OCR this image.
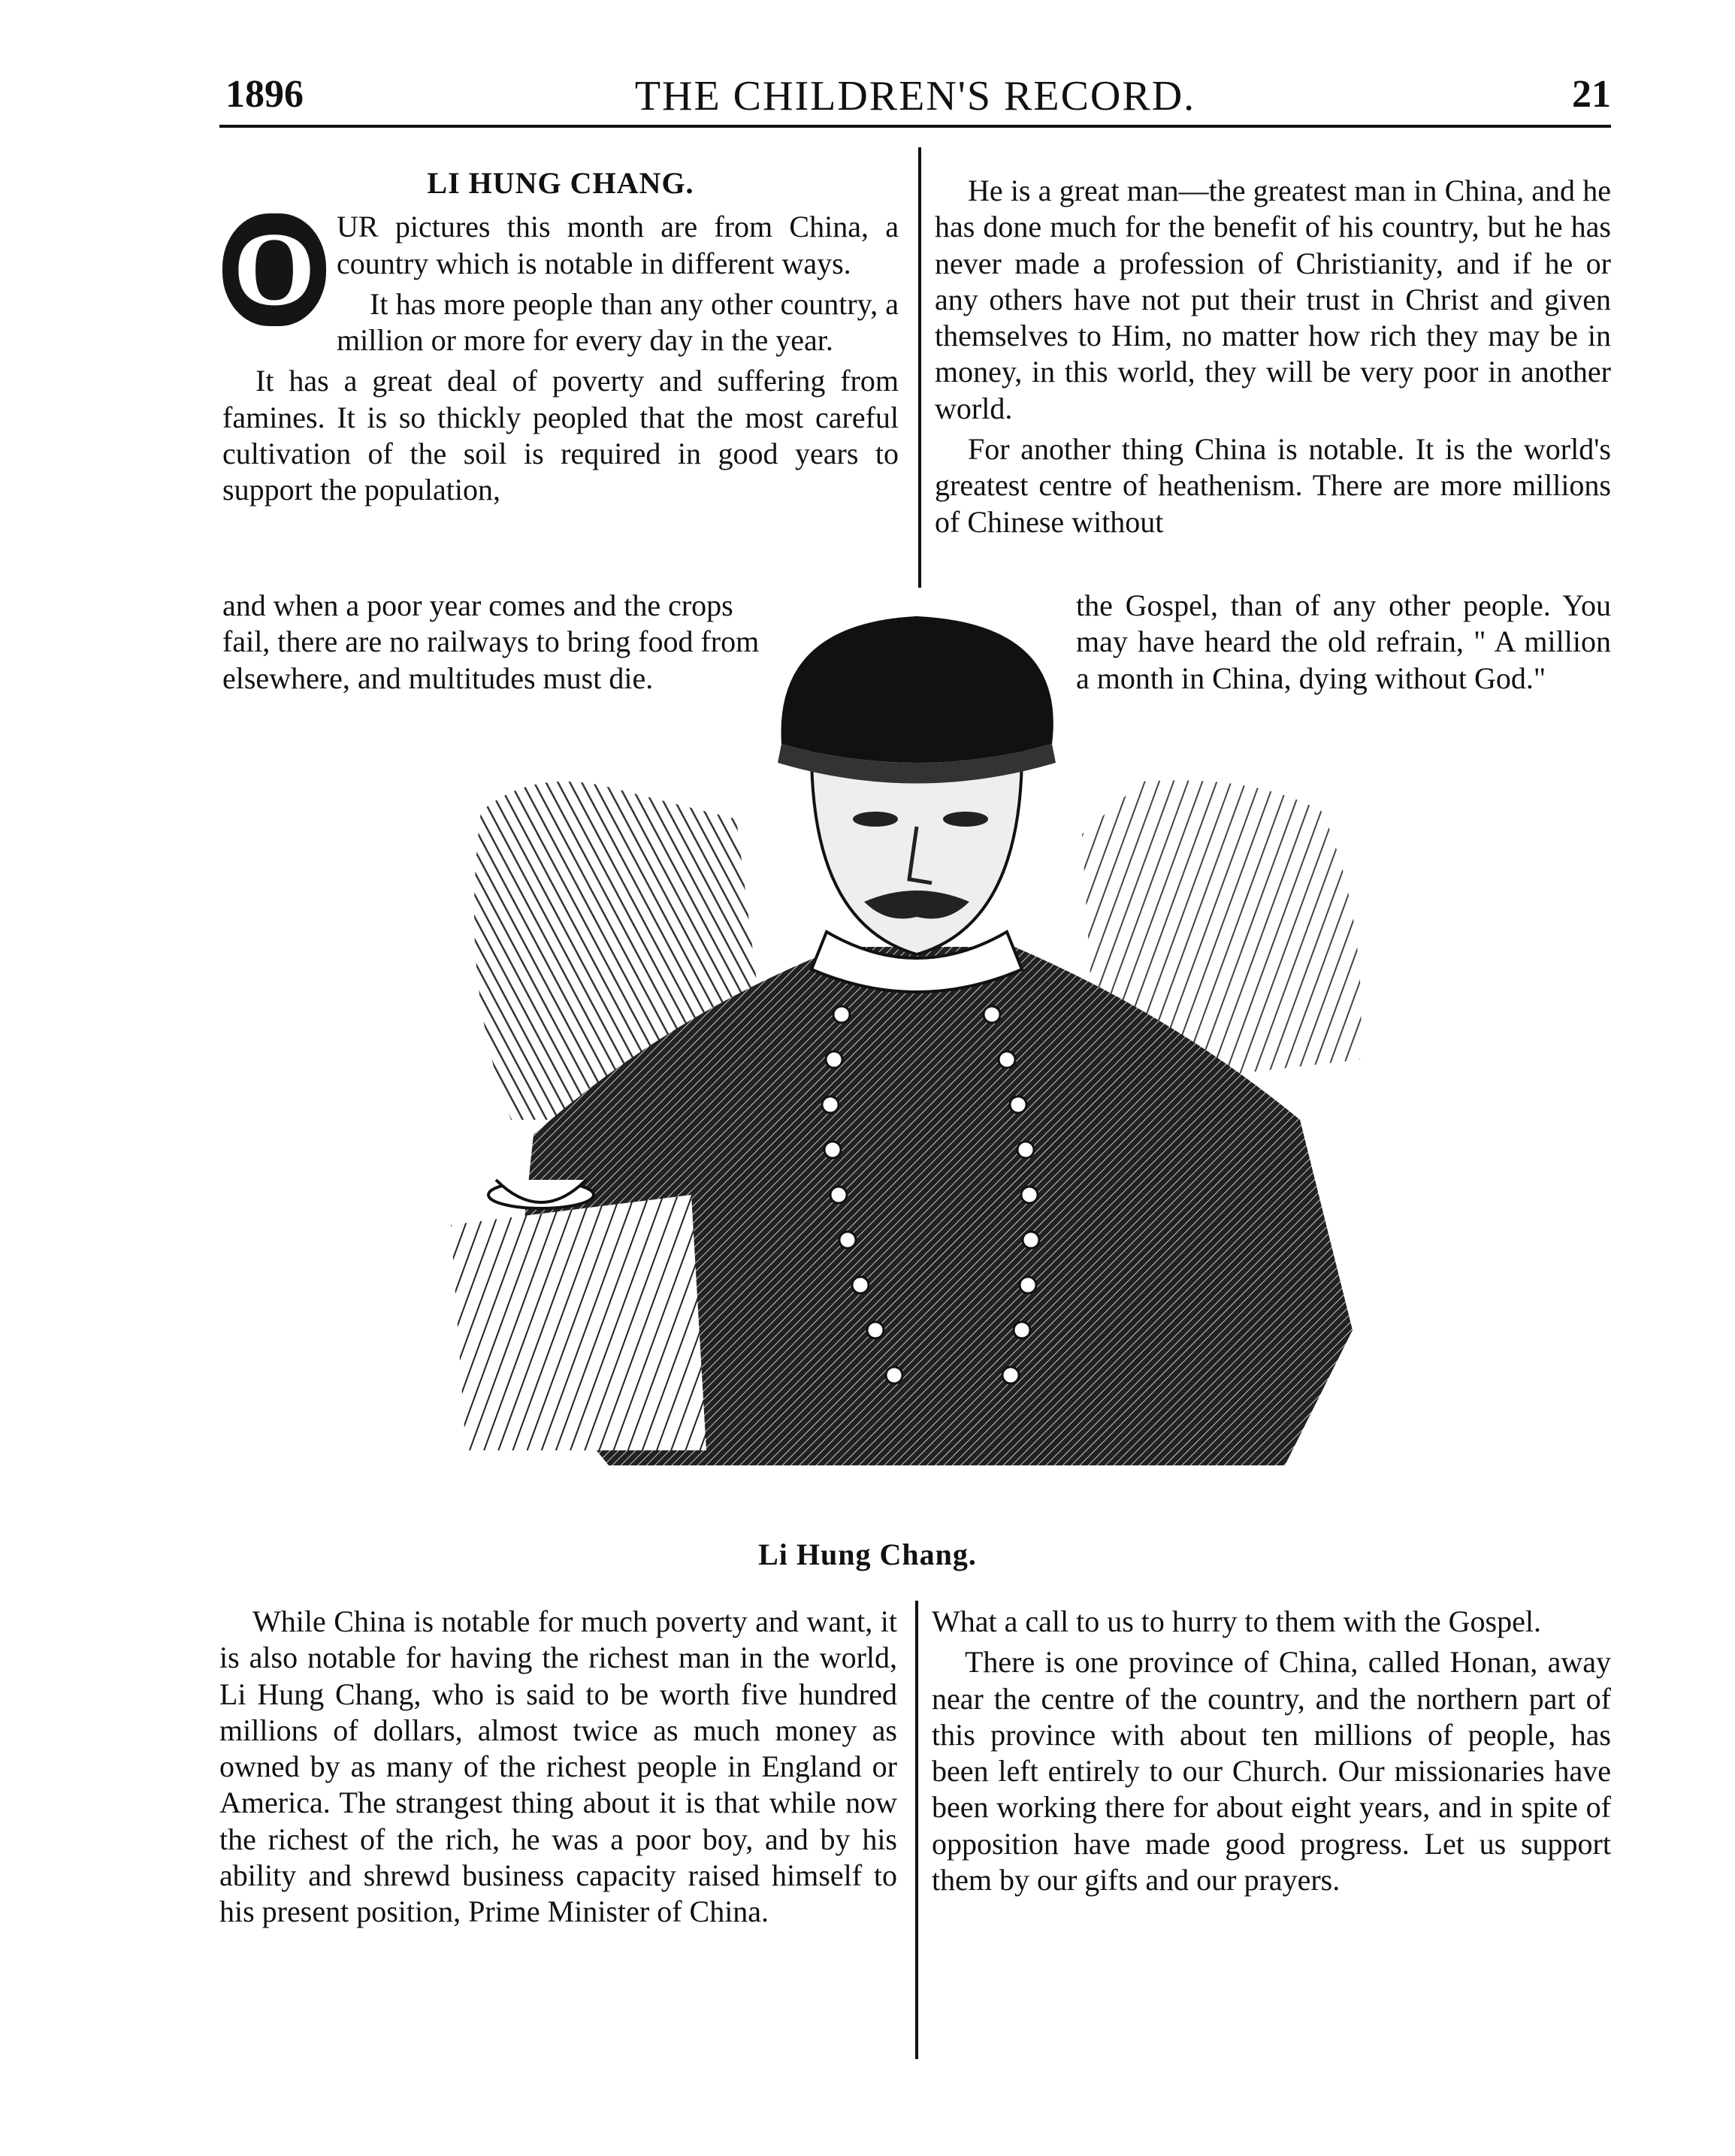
1896	THE CHILDREN'S RECORD.	21
LI HUNG CHANG.

O UR pictures this month are from China, a country which is notable in different ways.

It has more people than any other country, a million or more for every day in the year.

It has a great deal of poverty and suffering from famines. It is so thickly peopled that the most careful cultivation of the soil is required in good years to support the population,

and when a poor year comes and the crops fail, there are no railways to bring food from elsewhere, and multitudes must die.

He is a great man—the greatest man in China, and he has done much for the benefit of his country, but he has never made a profession of Christianity, and if he or any others have not put their trust in Christ and given themselves to Him, no matter how rich they may be in money, in this world, they will be very poor in another world.

For another thing China is notable. It is the world's greatest centre of heathenism. There are more millions of Chinese without

the Gospel, than of any other people. You may have heard the old refrain, " A million a month in China, dying without God."

Li Hung Chang.

While China is notable for much poverty and want, it is also notable for having the richest man in the world, Li Hung Chang, who is said to be worth five hundred millions of dollars, almost twice as much money as owned by as many of the richest people in England or America. The strangest thing about it is that while now the richest of the rich, he was a poor boy, and by his ability and shrewd business capacity raised himself to his present position, Prime Minister of China.

What a call to us to hurry to them with the Gospel.

There is one province of China, called Honan, away near the centre of the country, and the northern part of this province with about ten millions of people, has been left entirely to our Church. Our missionaries have been working there for about eight years, and in spite of opposition have made good progress. Let us support them by our gifts and our prayers.
